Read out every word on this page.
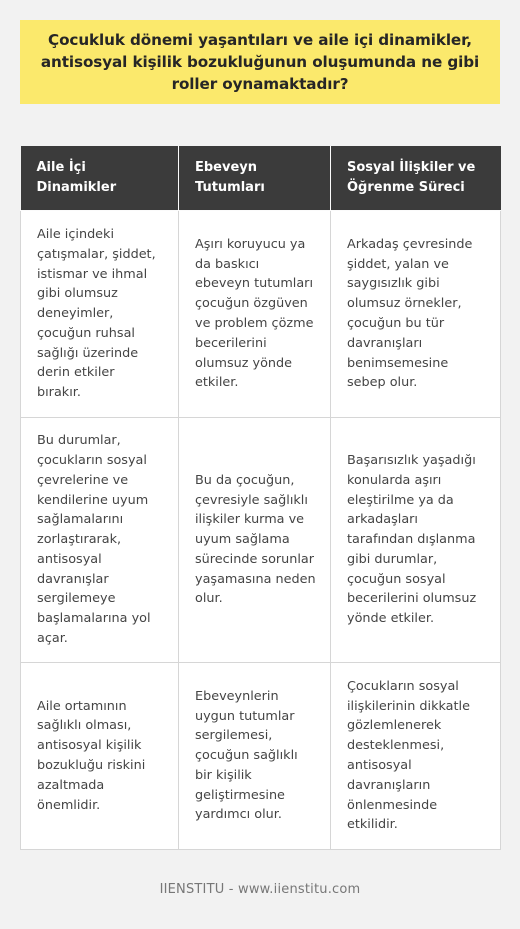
Çocukluk dönemi yaşantıları ve aile içi dinamikler, antisosyal kişilik bozukluğunun oluşumunda ne gibi roller oynamaktadır?
Aile İçi Dinamikler	Ebeveyn Tutumları	Sosyal İlişkiler ve Öğrenme Süreci
Aile içindeki çatışmalar, şiddet, istismar ve ihmal gibi olumsuz deneyimler, çocuğun ruhsal sağlığı üzerinde derin etkiler bırakır.	Aşırı koruyucu ya da baskıcı ebeveyn tutumları çocuğun özgüven ve problem çözme becerilerini olumsuz yönde etkiler.	Arkadaş çevresinde şiddet, yalan ve saygısızlık gibi olumsuz örnekler, çocuğun bu tür davranışları benimsemesine sebep olur.
Bu durumlar, çocukların sosyal çevrelerine ve kendilerine uyum sağlamalarını zorlaştırarak, antisosyal davranışlar sergilemeye başlamalarına yol açar.	Bu da çocuğun, çevresiyle sağlıklı ilişkiler kurma ve uyum sağlama sürecinde sorunlar yaşamasına neden olur.	Başarısızlık yaşadığı konularda aşırı eleştirilme ya da arkadaşları tarafından dışlanma gibi durumlar, çocuğun sosyal becerilerini olumsuz yönde etkiler.
Aile ortamının sağlıklı olması, antisosyal kişilik bozukluğu riskini azaltmada önemlidir.	Ebeveynlerin uygun tutumlar sergilemesi, çocuğun sağlıklı bir kişilik geliştirmesine yardımcı olur.	Çocukların sosyal ilişkilerinin dikkatle gözlemlenerek desteklenmesi, antisosyal davranışların önlenmesinde etkilidir.
IIENSTITU - www.iienstitu.com
